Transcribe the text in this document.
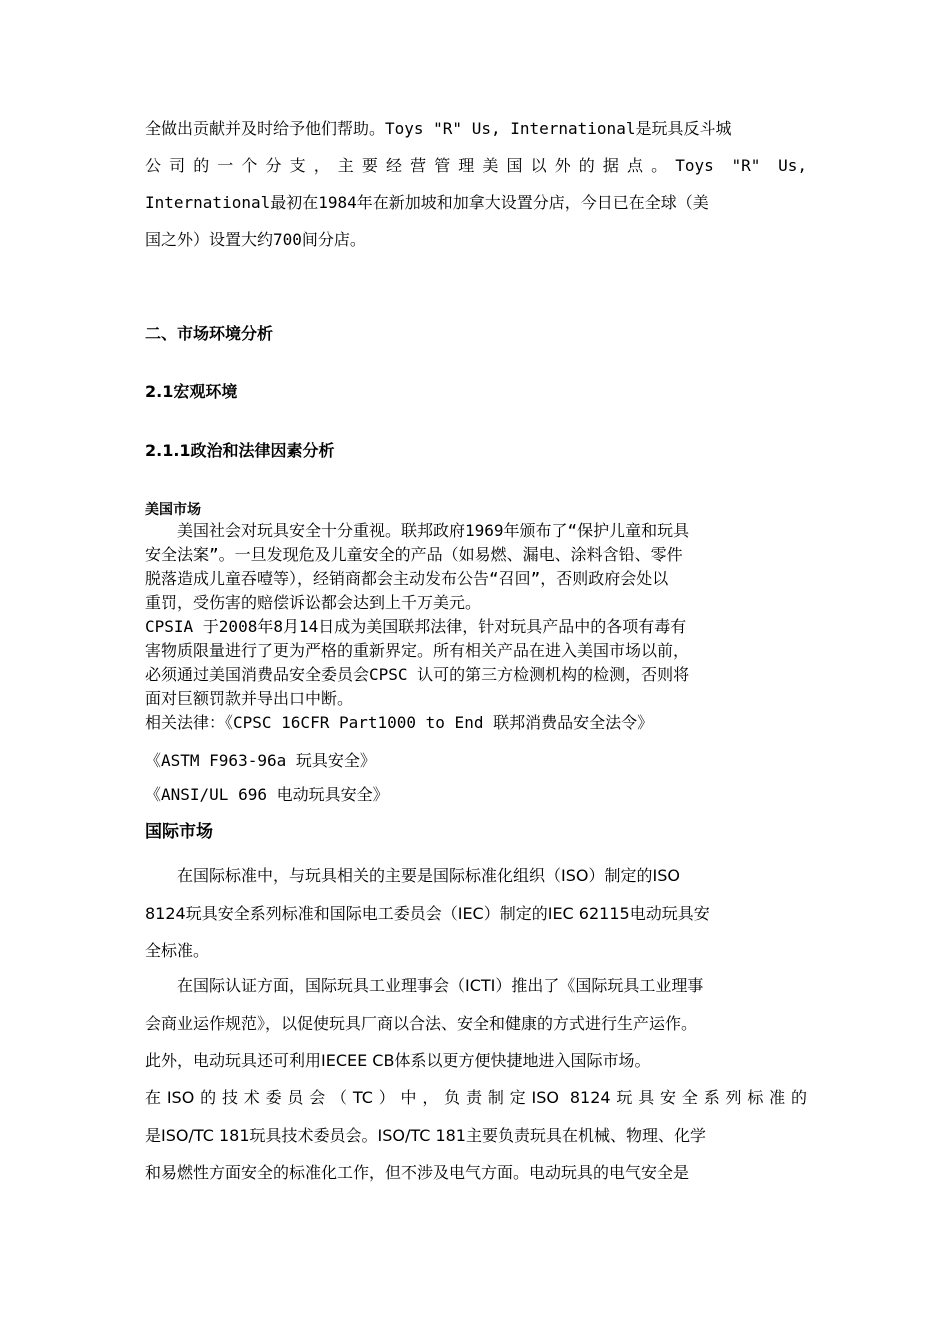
全做出贡献并及时给予他们帮助。Toys "R" Us, International是玩具反斗城
公司的一个分支，主要经营管理美国以外的据点。Toys "R" Us,
International最初在1984年在新加坡和加拿大设置分店，今日已在全球（美
国之外）设置大约700间分店。
二、市场环境分析
2.1宏观环境
2.1.1政治和法律因素分析
美国市场
　　美国社会对玩具安全十分重视。联邦政府1969年颁布了“保护儿童和玩具
安全法案”。一旦发现危及儿童安全的产品（如易燃、漏电、涂料含铅、零件
脱落造成儿童吞噎等），经销商都会主动发布公告“召回”，否则政府会处以
重罚，受伤害的赔偿诉讼都会达到上千万美元。
CPSIA 于2008年8月14日成为美国联邦法律，针对玩具产品中的各项有毒有
害物质限量进行了更为严格的重新界定。所有相关产品在进入美国市场以前，
必须通过美国消费品安全委员会CPSC 认可的第三方检测机构的检测，否则将
面对巨额罚款并导出口中断。
相关法律：《CPSC 16CFR Part1000 to End 联邦消费品安全法令》
《ASTM F963-96a 玩具安全》
《ANSI/UL 696 电动玩具安全》
国际市场
　　在国际标准中，与玩具相关的主要是国际标准化组织（ISO）制定的ISO
8124玩具安全系列标准和国际电工委员会（IEC）制定的IEC 62115电动玩具安
全标准。
　　在国际认证方面，国际玩具工业理事会（ICTI）推出了《国际玩具工业理事
会商业运作规范》，以促使玩具厂商以合法、安全和健康的方式进行生产运作。
此外，电动玩具还可利用IECEE CB体系以更方便快捷地进入国际市场。
在ISO的技术委员会（TC）中，负责制定ISO 8124玩具安全系列标准的
是ISO/TC 181玩具技术委员会。ISO/TC 181主要负责玩具在机械、物理、化学
和易燃性方面安全的标准化工作，但不涉及电气方面。电动玩具的电气安全是
